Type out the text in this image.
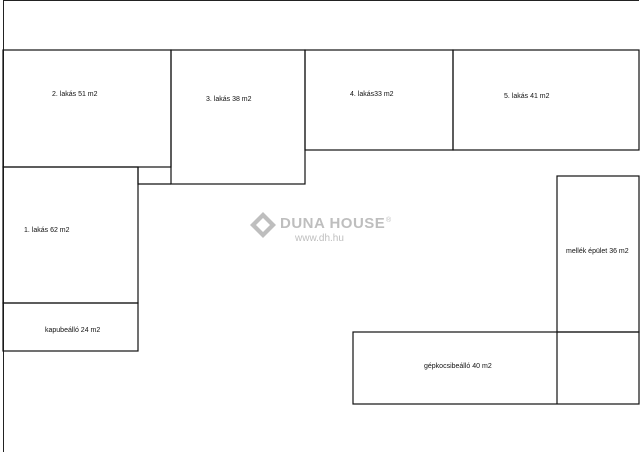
DUNA HOUSE ®
www.dh.hu
2. lakás 51 m2
3. lakás 38 m2
4. lakás33 m2	5. lakás 41 m2
1. lakás 62 m2
kapubeálló 24 m2
mellék épület 36 m2
gépkocsibeálló 40 m2
